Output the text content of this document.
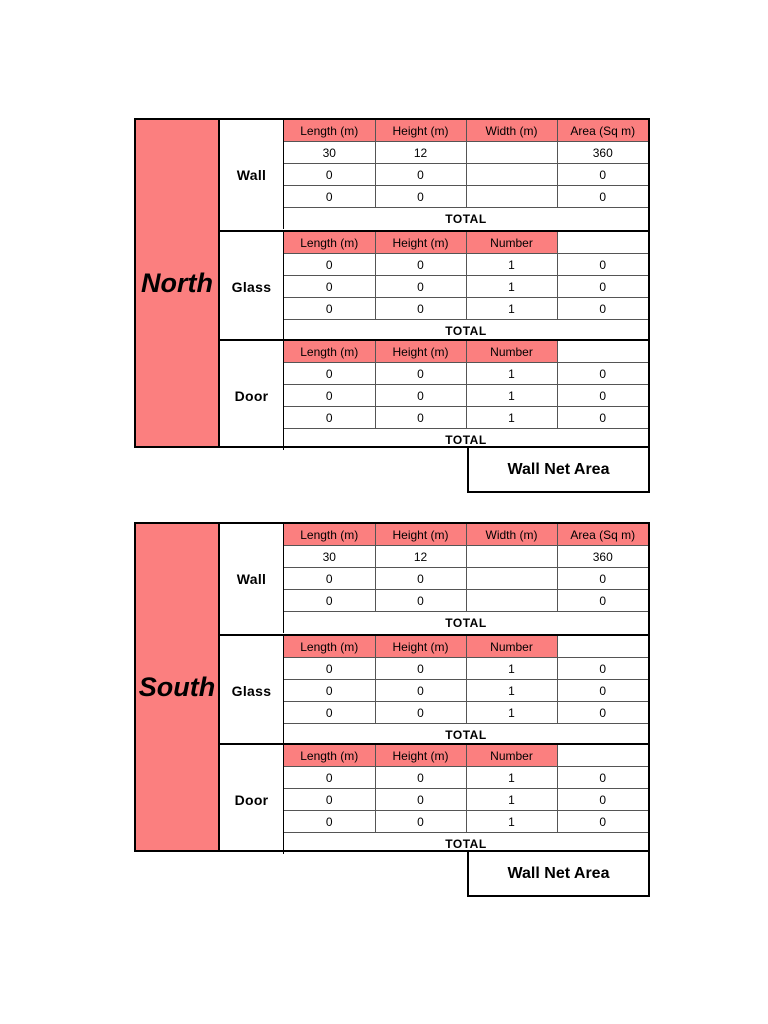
North
Wall
Length (m)	Height (m)	Width (m)	Area (Sq m)
30	12		360
0	0		0
0	0		0
TOTAL			
Glass
Length (m)	Height (m)	Number	
0	0	1	0
0	0	1	0
0	0	1	0
TOTAL			
Door
Length (m)	Height (m)	Number	
0	0	1	0
0	0	1	0
0	0	1	0
TOTAL			
Wall Net Area
South
Wall
Length (m)	Height (m)	Width (m)	Area (Sq m)
30	12		360
0	0		0
0	0		0
TOTAL			
Glass
Length (m)	Height (m)	Number	
0	0	1	0
0	0	1	0
0	0	1	0
TOTAL			
Door
Length (m)	Height (m)	Number	
0	0	1	0
0	0	1	0
0	0	1	0
TOTAL			
Wall Net Area
